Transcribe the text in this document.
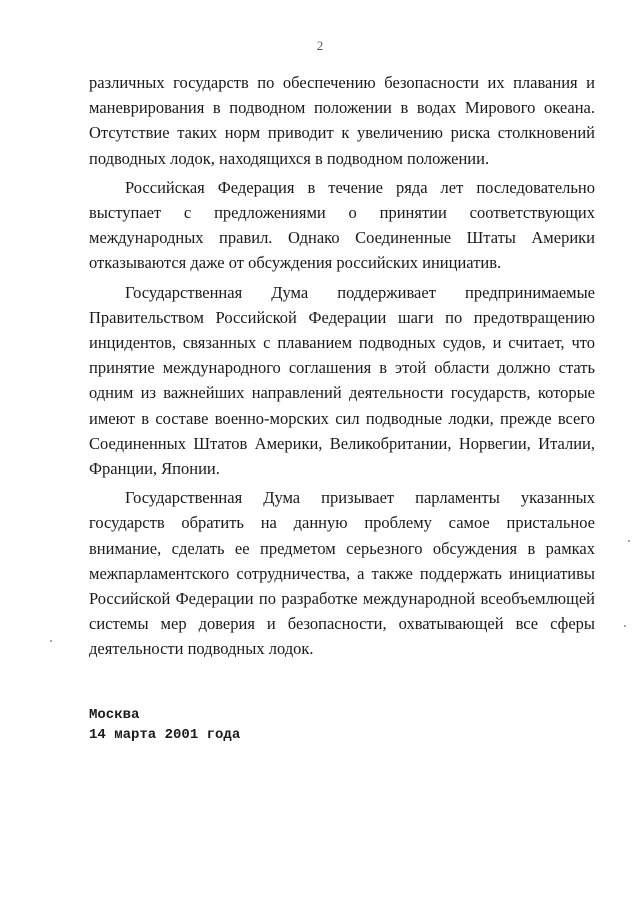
2

различных государств по обеспечению безопасности их плавания и маневрирования в подводном положении в водах Мирового океана. Отсутствие таких норм приводит к увеличению риска столкновений подводных лодок, находящихся в подводном положении.

Российская Федерация в течение ряда лет последовательно выступает с предложениями о принятии соответствующих международных правил. Однако Соединенные Штаты Америки отказываются даже от обсуждения российских инициатив.

Государственная Дума поддерживает предпринимаемые Правительством Российской Федерации шаги по предотвращению инцидентов, связанных с плаванием подводных судов, и считает, что принятие международного соглашения в этой области должно стать одним из важнейших направлений деятельности государств, которые имеют в составе военно-морских сил подводные лодки, прежде всего Соединенных Штатов Америки, Великобритании, Норвегии, Италии, Франции, Японии.

Государственная Дума призывает парламенты указанных государств обратить на данную проблему самое пристальное внимание, сделать ее предметом серьезного обсуждения в рамках межпарламентского сотрудничества, а также поддержать инициативы Российской Федерации по разработке международной всеобъемлющей системы мер доверия и безопасности, охватывающей все сферы деятельности подводных лодок.

Москва
14 марта 2001 года
